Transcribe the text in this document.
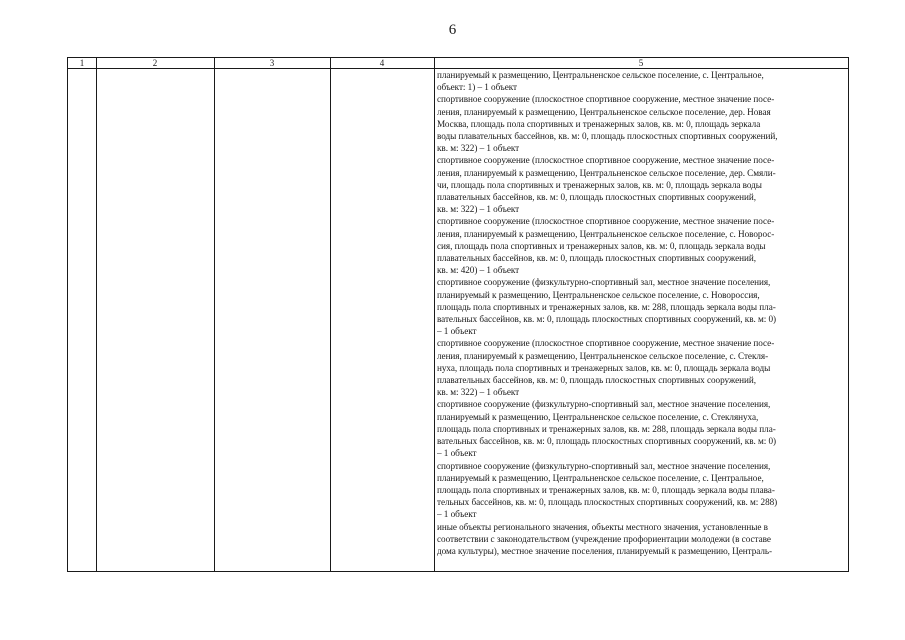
6
1	2	3	4	5
планируемый к размещению, Центральненское сельское поселение, с. Центральное,
объект: 1) – 1 объект
спортивное сооружение (плоскостное спортивное сооружение, местное значение посе-
ления, планируемый к размещению, Центральненское сельское поселение, дер. Новая
Москва, площадь пола спортивных и тренажерных залов, кв. м: 0, площадь зеркала
воды плавательных бассейнов, кв. м: 0, площадь плоскостных спортивных сооружений,
кв. м: 322) – 1 объект
спортивное сооружение (плоскостное спортивное сооружение, местное значение посе-
ления, планируемый к размещению, Центральненское сельское поселение, дер. Смяли-
чи, площадь пола спортивных и тренажерных залов, кв. м: 0, площадь зеркала воды
плавательных бассейнов, кв. м: 0, площадь плоскостных спортивных сооружений,
кв. м: 322) – 1 объект
спортивное сооружение (плоскостное спортивное сооружение, местное значение посе-
ления, планируемый к размещению, Центральненское сельское поселение, с. Новорос-
сия, площадь пола спортивных и тренажерных залов, кв. м: 0, площадь зеркала воды
плавательных бассейнов, кв. м: 0, площадь плоскостных спортивных сооружений,
кв. м: 420) – 1 объект
спортивное сооружение (физкультурно-спортивный зал, местное значение поселения,
планируемый к размещению, Центральненское сельское поселение, с. Новороссия,
площадь пола спортивных и тренажерных залов, кв. м: 288, площадь зеркала воды пла-
вательных бассейнов, кв. м: 0, площадь плоскостных спортивных сооружений, кв. м: 0)
– 1 объект
спортивное сооружение (плоскостное спортивное сооружение, местное значение посе-
ления, планируемый к размещению, Центральненское сельское поселение, с. Стекля-
нуха, площадь пола спортивных и тренажерных залов, кв. м: 0, площадь зеркала воды
плавательных бассейнов, кв. м: 0, площадь плоскостных спортивных сооружений,
кв. м: 322) – 1 объект
спортивное сооружение (физкультурно-спортивный зал, местное значение поселения,
планируемый к размещению, Центральненское сельское поселение, с. Стеклянуха,
площадь пола спортивных и тренажерных залов, кв. м: 288, площадь зеркала воды пла-
вательных бассейнов, кв. м: 0, площадь плоскостных спортивных сооружений, кв. м: 0)
– 1 объект
спортивное сооружение (физкультурно-спортивный зал, местное значение поселения,
планируемый к размещению, Центральненское сельское поселение, с. Центральное,
площадь пола спортивных и тренажерных залов, кв. м: 0, площадь зеркала воды плава-
тельных бассейнов, кв. м: 0, площадь плоскостных спортивных сооружений, кв. м: 288)
– 1 объект
иные объекты регионального значения, объекты местного значения, установленные в
соответствии с законодательством (учреждение профориентации молодежи (в составе
дома культуры), местное значение поселения, планируемый к размещению, Централь-
